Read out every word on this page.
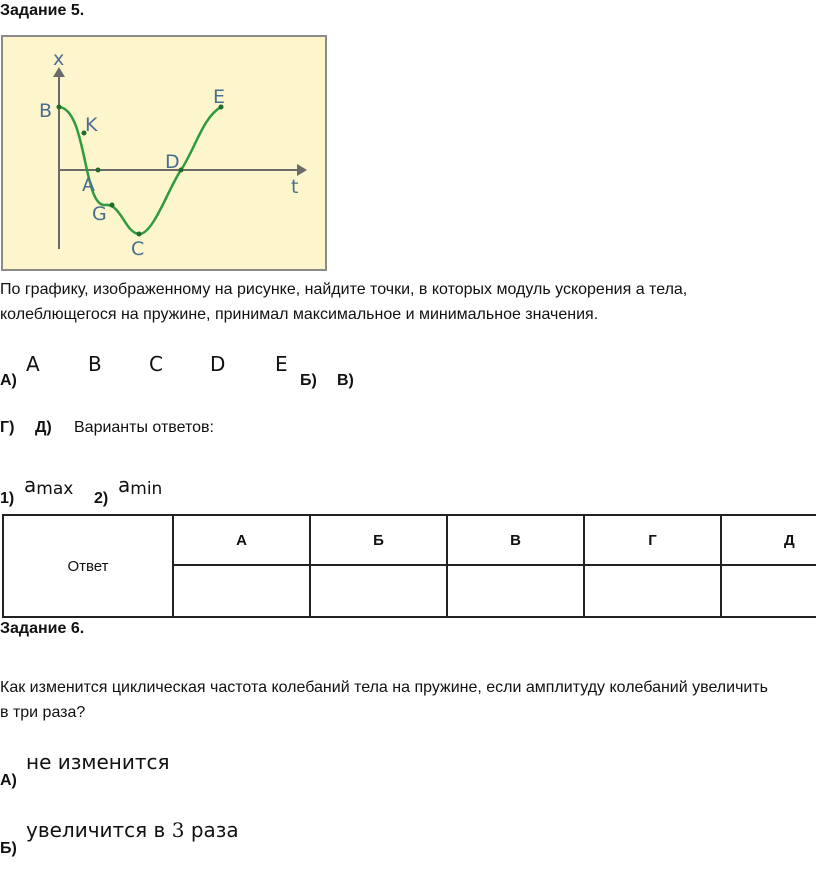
Задание 5.
x
t
B
K
A
G
C
D
E
По графику, изображенному на рисунке, найдите точки, в которых модуль ускорения а тела,
колеблющегося на пружине, принимал максимальное и минимальное значения.
А)
A B C D E
Б) В)
Г) Д) Варианты ответов:
1)
amax 2)
amin
Ответ	А	Б	В	Г	Д

Задание 6.
Как изменится циклическая частота колебаний тела на пружине, если амплитуду колебаний увеличить
в три раза?
А)
не изменится
Б)
увеличится в 3 раза
